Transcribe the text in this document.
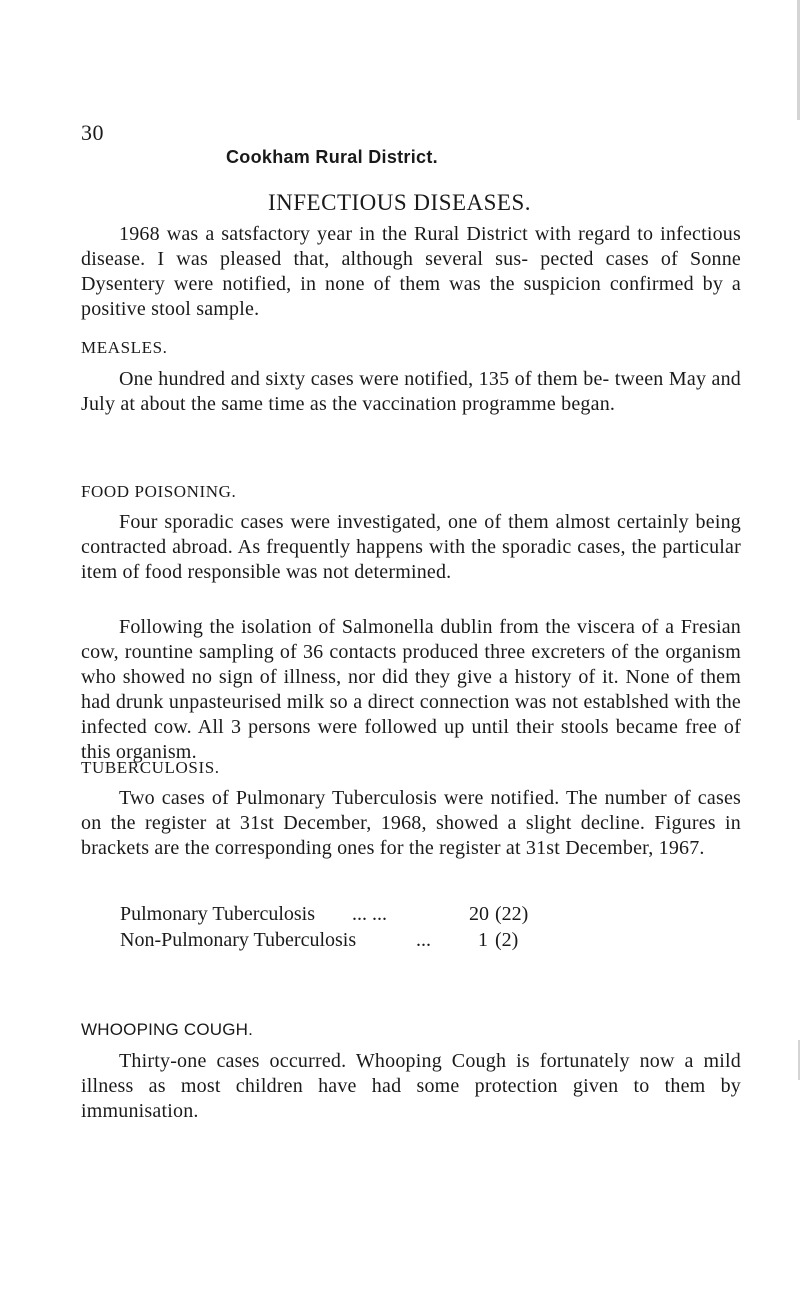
30
Cookham Rural District.
INFECTIOUS DISEASES.

1968 was a satsfactory year in the Rural District with regard to infectious disease. I was pleased that, although several sus- pected cases of Sonne Dysentery were notified, in none of them was the suspicion confirmed by a positive stool sample.

MEASLES.

One hundred and sixty cases were notified, 135 of them be- tween May and July at about the same time as the vaccination programme began.

FOOD POISONING.

Four sporadic cases were investigated, one of them almost certainly being contracted abroad. As frequently happens with the sporadic cases, the particular item of food responsible was not determined.

Following the isolation of Salmonella dublin from the viscera of a Fresian cow, rountine sampling of 36 contacts produced three excreters of the organism who showed no sign of illness, nor did they give a history of it. None of them had drunk unpasteurised milk so a direct connection was not establshed with the infected cow. All 3 persons were followed up until their stools became free of this organism.

TUBERCULOSIS.

Two cases of Pulmonary Tuberculosis were notified. The number of cases on the register at 31st December, 1968, showed a slight decline. Figures in brackets are the corresponding ones for the register at 31st December, 1967.

Pulmonary Tuberculosis ... ...	20 (22)
Non-Pulmonary Tuberculosis	... 1 (2)
WHOOPING COUGH.

Thirty-one cases occurred. Whooping Cough is fortunately now a mild illness as most children have had some protection given to them by immunisation.
